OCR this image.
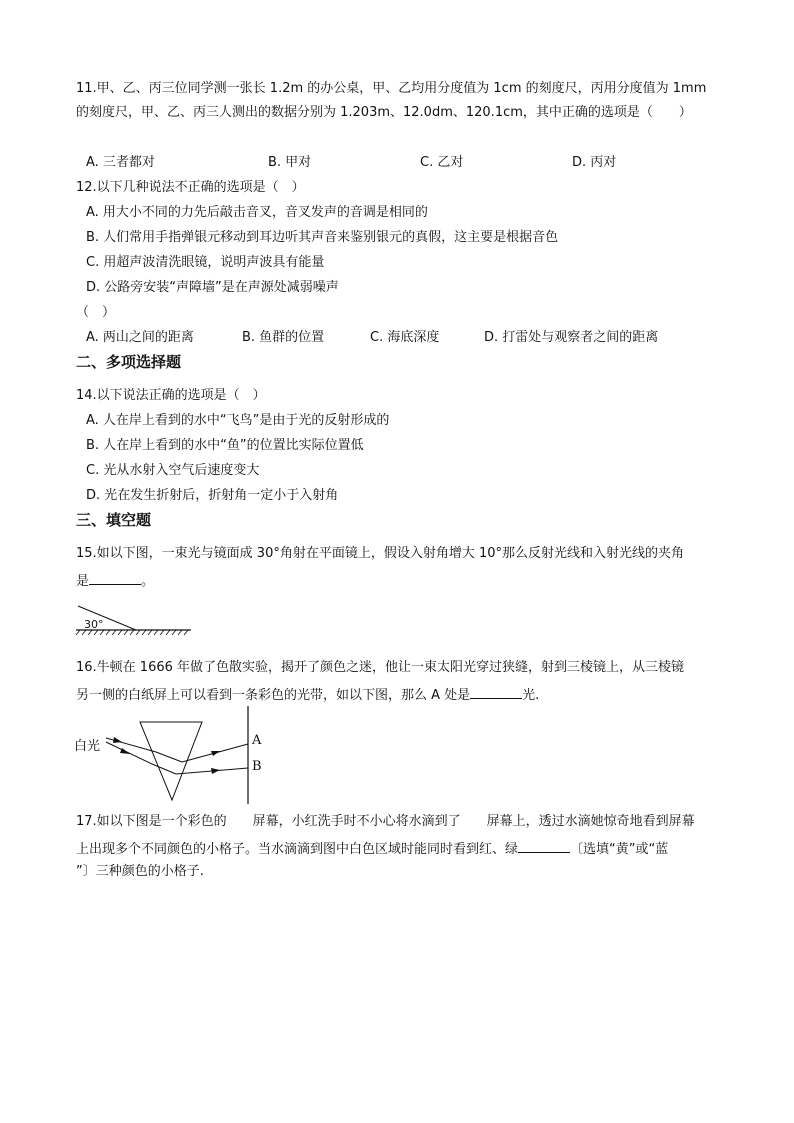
11.甲、乙、丙三位同学测一张长 1.2m 的办公桌，甲、乙均用分度值为 1cm 的刻度尺，丙用分度值为 1mm
的刻度尺，甲、乙、丙三人测出的数据分别为 1.203m、12.0dm、120.1cm，其中正确的选项是（　　）
A. 三者都对	B. 甲对	C. 乙对	D. 丙对
12.以下几种说法不正确的选项是（　）
A. 用大小不同的力先后敲击音叉，音叉发声的音调是相同的
B. 人们常用手指弹银元移动到耳边听其声音来鉴别银元的真假，这主要是根据音色
C. 用超声波清洗眼镜，说明声波具有能量
D. 公路旁安装“声障墙”是在声源处减弱噪声
（　）
A. 两山之间的距离	B. 鱼群的位置	C. 海底深度	D. 打雷处与观察者之间的距离
二、多项选择题
14.以下说法正确的选项是（　）
A. 人在岸上看到的水中“飞鸟”是由于光的反射形成的
B. 人在岸上看到的水中“鱼”的位置比实际位置低
C. 光从水射入空气后速度变大
D. 光在发生折射后，折射角一定小于入射角
三、填空题
15.如以下图，一束光与镜面成 30°角射在平面镜上，假设入射角增大 10°那么反射光线和入射光线的夹角
是	。
30°
16.牛顿在 1666 年做了色散实验，揭开了颜色之迷，他让一束太阳光穿过狭缝，射到三棱镜上，从三棱镜
另一侧的白纸屏上可以看到一条彩色的光带，如以下图，那么 A 处是	光.
白光	A
B
17.如以下图是一个彩色的　　屏幕，小红洗手时不小心将水滴到了　　屏幕上，透过水滴她惊奇地看到屏幕
上出现多个不同颜色的小格子。当水滴滴到图中白色区域时能同时看到红、绿	〔选填“黄”或“蓝
”〕三种颜色的小格子.
